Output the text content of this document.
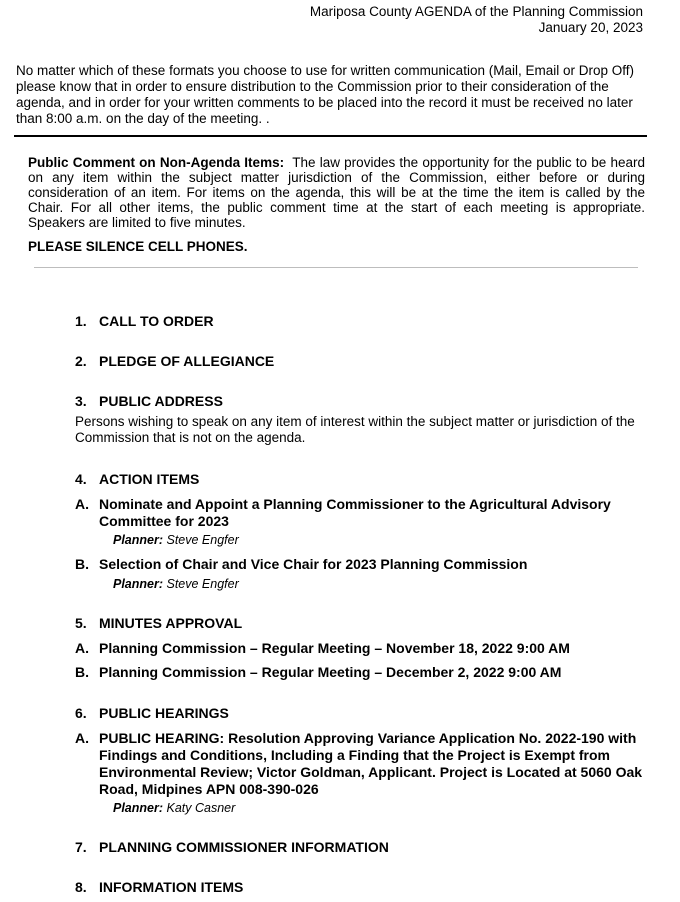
Mariposa County AGENDA of the Planning Commission
January 20, 2023
No matter which of these formats you choose to use for written communication (Mail, Email or Drop Off) please know that in order to ensure distribution to the Commission prior to their consideration of the agenda, and in order for your written comments to be placed into the record it must be received no later than 8:00 a.m. on the day of the meeting. .
Public Comment on Non-Agenda Items: The law provides the opportunity for the public to be heard on any item within the subject matter jurisdiction of the Commission, either before or during consideration of an item. For items on the agenda, this will be at the time the item is called by the Chair. For all other items, the public comment time at the start of each meeting is appropriate. Speakers are limited to five minutes.
PLEASE SILENCE CELL PHONES.
1. CALL TO ORDER
2. PLEDGE OF ALLEGIANCE
3. PUBLIC ADDRESS
Persons wishing to speak on any item of interest within the subject matter or jurisdiction of the Commission that is not on the agenda.
4. ACTION ITEMS
A. Nominate and Appoint a Planning Commissioner to the Agricultural Advisory Committee for 2023
Planner: Steve Engfer
B. Selection of Chair and Vice Chair for 2023 Planning Commission
Planner: Steve Engfer
5. MINUTES APPROVAL
A. Planning Commission – Regular Meeting – November 18, 2022 9:00 AM
B. Planning Commission – Regular Meeting – December 2, 2022 9:00 AM
6. PUBLIC HEARINGS
A. PUBLIC HEARING: Resolution Approving Variance Application No. 2022-190 with Findings and Conditions, Including a Finding that the Project is Exempt from Environmental Review; Victor Goldman, Applicant. Project is Located at 5060 Oak Road, Midpines APN 008-390-026
Planner: Katy Casner
7. PLANNING COMMISSIONER INFORMATION
8. INFORMATION ITEMS
